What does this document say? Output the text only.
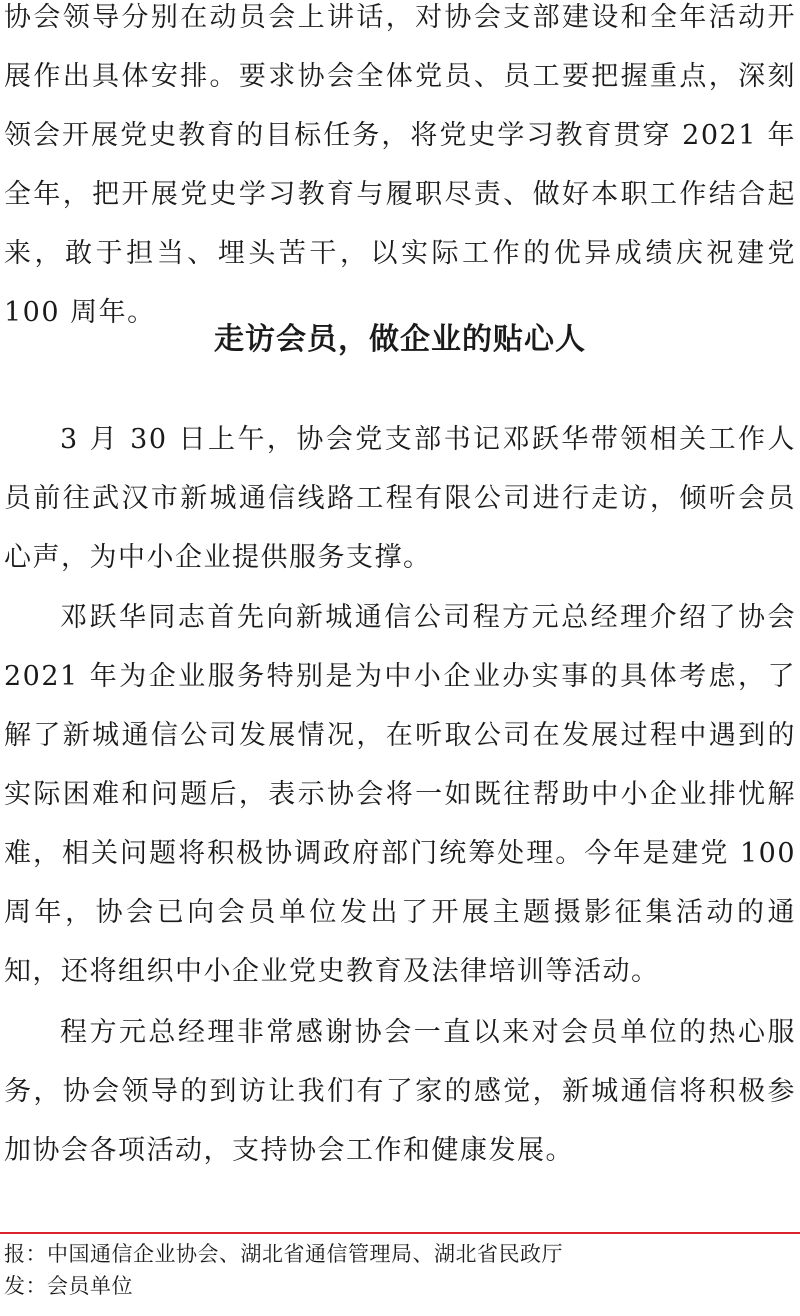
协会领导分别在动员会上讲话，对协会支部建设和全年活动开展作出具体安排。要求协会全体党员、员工要把握重点，深刻领会开展党史教育的目标任务，将党史学习教育贯穿 2021 年全年，把开展党史学习教育与履职尽责、做好本职工作结合起来，敢于担当、埋头苦干，以实际工作的优异成绩庆祝建党 100 周年。

走访会员，做企业的贴心人

3 月 30 日上午，协会党支部书记邓跃华带领相关工作人员前往武汉市新城通信线路工程有限公司进行走访，倾听会员心声，为中小企业提供服务支撑。

邓跃华同志首先向新城通信公司程方元总经理介绍了协会 2021 年为企业服务特别是为中小企业办实事的具体考虑，了解了新城通信公司发展情况，在听取公司在发展过程中遇到的实际困难和问题后，表示协会将一如既往帮助中小企业排忧解难，相关问题将积极协调政府部门统筹处理。今年是建党 100 周年，协会已向会员单位发出了开展主题摄影征集活动的通知，还将组织中小企业党史教育及法律培训等活动。

程方元总经理非常感谢协会一直以来对会员单位的热心服务，协会领导的到访让我们有了家的感觉，新城通信将积极参加协会各项活动，支持协会工作和健康发展。

报：中国通信企业协会、湖北省通信管理局、湖北省民政厅

发：会员单位
